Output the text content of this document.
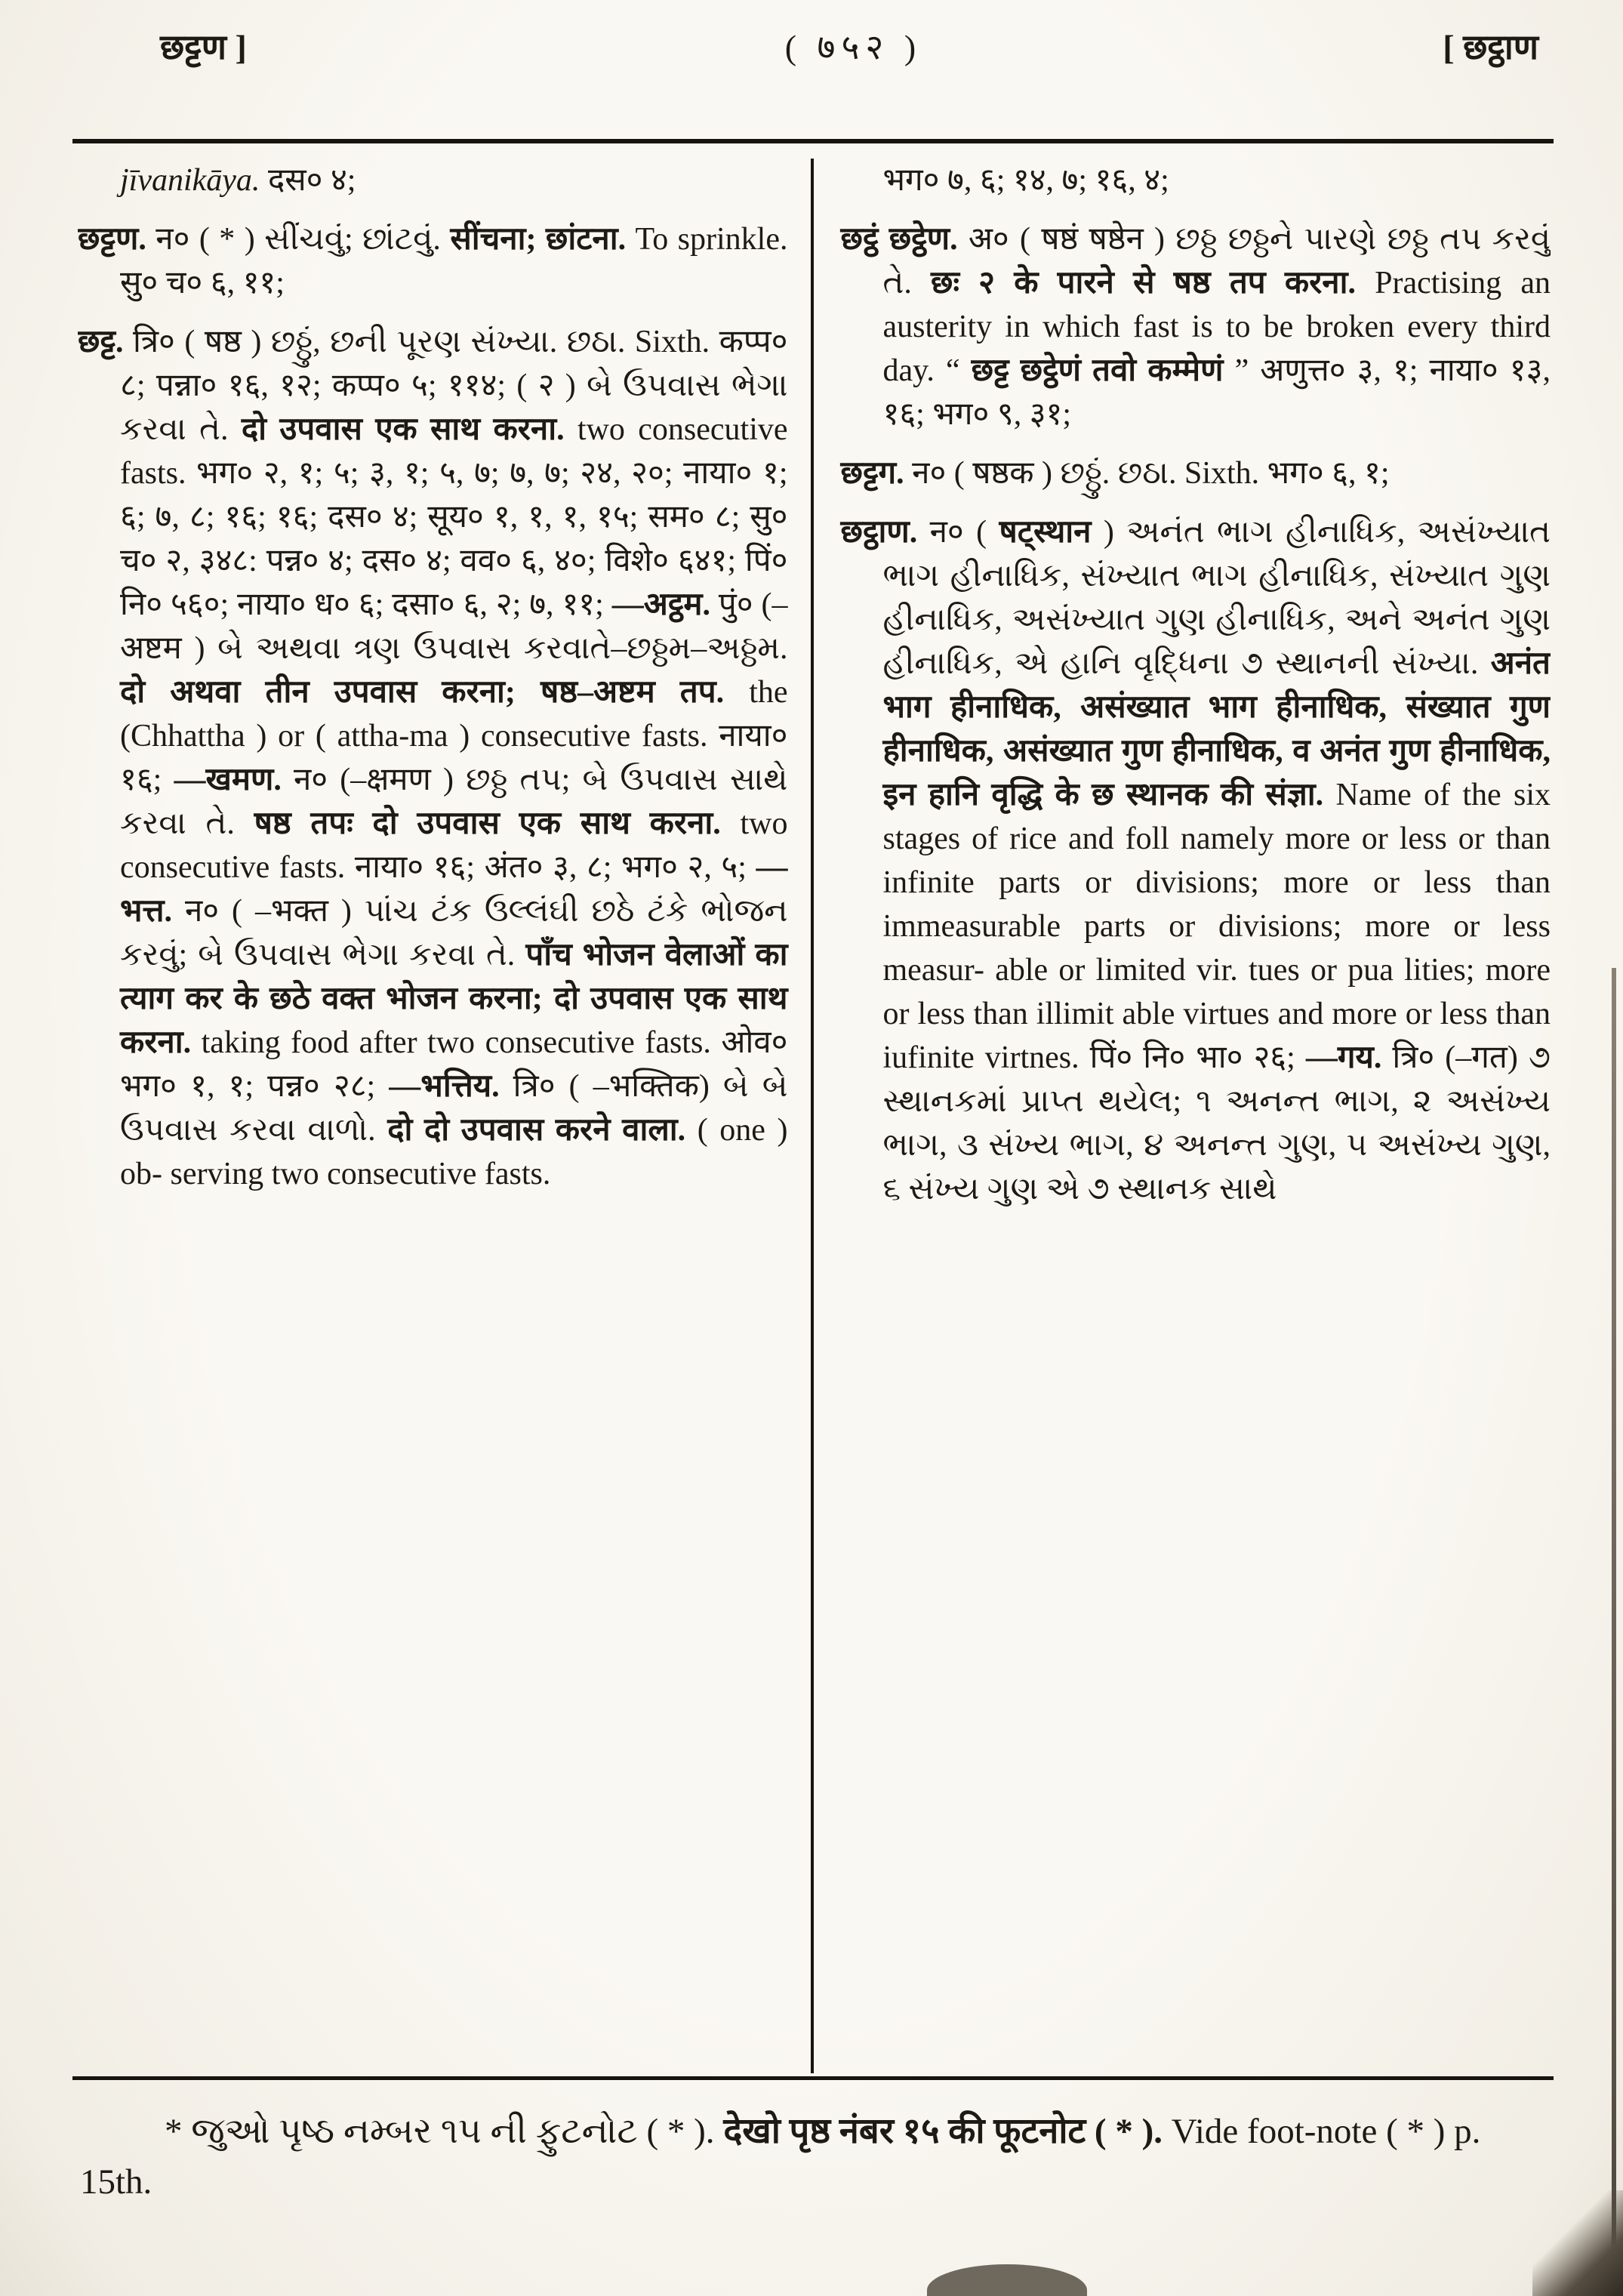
छट्टण ]	( ७५२ )	[ छट्ठाण

jīvanikāya. दस० ४;

छट्टण. न० ( * ) સીંચવું; છાંટવું. सींचना; छांटना. To sprinkle. सु० च० ६, ११;

छट्ट. त्रि० ( षष्ठ ) છઠ્ઠું, છની પૂરણ સંખ્યા. છઠા. Sixth. कप्प० ८; पन्ना० १६, १२; कप्प० ५; ११४; ( २ ) બે ઉપવાસ ભેગા કરવા તે. दो उपवास एक साथ करना. two consecutive fasts. भग० २, १; ५; ३, १; ५, ७; ७, ७; २४, २०; नाया० १; ६; ७, ८; १६; १६; दस० ४; सूय० १, १, १, १५; सम० ८; सु० च० २, ३४८: पन्न० ४; दस० ४; वव० ६, ४०; विशे० ६४१; पिं० नि० ५६०; नाया० ध० ६; दसा० ६, २; ७, ११; —अट्ठम. पुं० (–अष्टम ) બે અથવા ત્રણ ઉપવાસ કરવાતે–છઠ્ઠમ–અઠ્ઠમ. दो अथवा तीन उपवास करना; षष्ठ–अष्टम तप. the (Chhattha ) or ( attha-ma ) consecutive fasts. नाया० १६; —खमण. न० (–क्षमण ) છઠ્ઠ તપ; બે ઉપવાસ સાથે કરવા તે. षष्ठ तपः दो उपवास एक साथ करना. two consecutive fasts. नाया० १६; अंत० ३, ८; भग० २, ५; —भत्त. न० ( –भक्त ) પાંચ ટંક ઉલ્લંઘી છઠે ટંકે ભોજન કરવું; બે ઉપવાસ ભેગા કરવા તે. पाँच भोजन वेलाओं का त्याग कर के छठे वक्त भोजन करना; दो उपवास एक साथ करना. taking food after two consecutive fasts. ओव० भग० १, १; पन्न० २८; —भत्तिय. त्रि० ( –भक्तिक) બે બે ઉપવાસ કરવા વાળો. दो दो उपवास करने वाला. ( one ) ob- serving two consecutive fasts.

भग० ७, ६; १४, ७; १६, ४;

छट्ठं छट्ठेण. अ० ( षष्ठं षष्ठेन ) છઠ્ઠ છઠ્ઠને પારણે છઠ્ઠ તપ કરવું તે. छः २ के पारने से षष्ठ तप करना. Practising an austerity in which fast is to be broken every third day. “ छट्ट छट्ठेणं तवो कम्मेणं ” अणुत्त० ३, १; नाया० १३, १६; भग० ९, ३१;

छट्टग. न० ( षष्ठक ) છઠ્ઠું. છઠા. Sixth. भग० ६, १;

छट्ठाण. न० ( षट्स्थान ) અનંત ભાગ હીનાધિક, અસંખ્યાત ભાગ હીનાધિક, સંખ્યાત ભાગ હીનાધિક, સંખ્યાત ગુણ હીનાધિક, અસંખ્યાત ગુણ હીનાધિક, અને અનંત ગુણ હીનાધિક, એ હાનિ વૃદ્ધિના ૭ સ્થાનની સંખ્યા. अनंत भाग हीनाधिक, असंख्यात भाग हीनाधिक, संख्यात गुण हीनाधिक, असंख्यात गुण हीनाधिक, व अनंत गुण हीनाधिक, इन हानि वृद्धि के छ स्थानक की संज्ञा. Name of the six stages of rice and foll namely more or less or than infinite parts or divisions; more or less than immeasurable parts or divisions; more or less measur- able or limited vir. tues or pua lities; more or less than illimit able virtues and more or less than iufinite virtnes. पिं० नि० भा० २६; —गय. त्रि० (–गत) ૭ સ્થાનકમાં પ્રાપ્ત થયેલ; ૧ અનન્ત ભાગ, ૨ અસંખ્ય ભાગ, ૩ સંખ્ય ભાગ, ૪ અનન્ત ગુણ, ૫ અસંખ્ય ગુણ, ૬ સંખ્ય ગુણ એ ૭ સ્થાનક સાથે

* જુઓ પૃષ્ઠ નમ્બર ૧૫ ની ફુટનોટ ( * ). देखो पृष्ठ नंबर १५ की फूटनोट ( * ). Vide foot-note ( * ) p. 15th.
